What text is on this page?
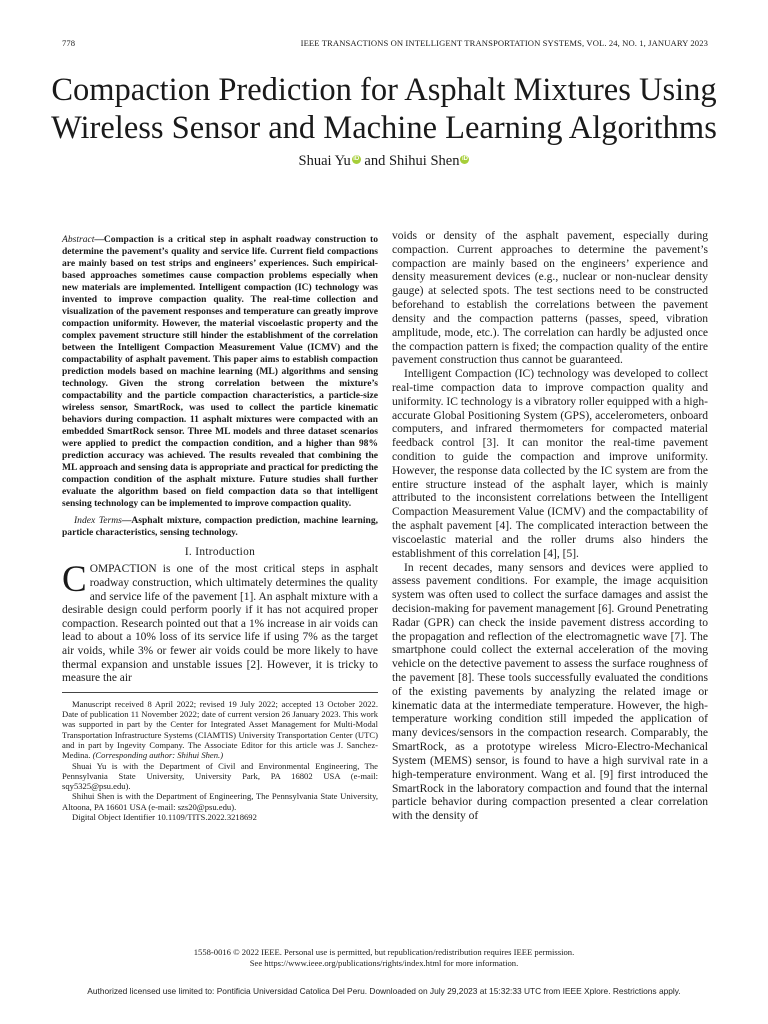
778	IEEE TRANSACTIONS ON INTELLIGENT TRANSPORTATION SYSTEMS, VOL. 24, NO. 1, JANUARY 2023
Compaction Prediction for Asphalt Mixtures Using
Wireless Sensor and Machine Learning Algorithms
Shuai Yu iD and Shihui Shen iD

Abstract—Compaction is a critical step in asphalt roadway construction to determine the pavement’s quality and service life. Current field compactions are mainly based on test strips and engineers’ experiences. Such empirical-based approaches sometimes cause compaction problems especially when new materials are implemented. Intelligent compaction (IC) technology was invented to improve compaction quality. The real-time collection and visualization of the pavement responses and temperature can greatly improve compaction uniformity. However, the material viscoelastic property and the complex pavement structure still hinder the establishment of the correlation between the Intelligent Compaction Measurement Value (ICMV) and the compactability of asphalt pavement. This paper aims to establish compaction prediction models based on machine learning (ML) algorithms and sensing technology. Given the strong correlation between the mixture’s compactability and the particle compaction characteristics, a particle-size wireless sensor, SmartRock, was used to collect the particle kinematic behaviors during compaction. 11 asphalt mixtures were compacted with an embedded SmartRock sensor. Three ML models and three dataset scenarios were applied to predict the compaction condition, and a higher than 98% prediction accuracy was achieved. The results revealed that combining the ML approach and sensing data is appropriate and practical for predicting the compaction condition of the asphalt mixture. Future studies shall further evaluate the algorithm based on field compaction data so that intelligent sensing technology can be implemented to improve compaction quality.

Index Terms—Asphalt mixture, compaction prediction, machine learning, particle characteristics, sensing technology.

I. Introduction

COMPACTION is one of the most critical steps in asphalt roadway construction, which ultimately determines the quality and service life of the pavement [1]. An asphalt mixture with a desirable design could perform poorly if it has not acquired proper compaction. Research pointed out that a 1% increase in air voids can lead to about a 10% loss of its service life if using 7% as the target air voids, while 3% or fewer air voids could be more likely to have thermal expansion and unstable issues [2]. However, it is tricky to measure the air

Manuscript received 8 April 2022; revised 19 July 2022; accepted 13 October 2022. Date of publication 11 November 2022; date of current version 26 January 2023. This work was supported in part by the Center for Integrated Asset Management for Multi-Modal Transportation Infrastructure Systems (CIAMTIS) University Transportation Center (UTC) and in part by Ingevity Company. The Associate Editor for this article was J. Sanchez-Medina. (Corresponding author: Shihui Shen.)

Shuai Yu is with the Department of Civil and Environmental Engineering, The Pennsylvania State University, University Park, PA 16802 USA (e-mail: sqy5325@psu.edu).

Shihui Shen is with the Department of Engineering, The Pennsylvania State University, Altoona, PA 16601 USA (e-mail: szs20@psu.edu).

Digital Object Identifier 10.1109/TITS.2022.3218692

voids or density of the asphalt pavement, especially during compaction. Current approaches to determine the pavement’s compaction are mainly based on the engineers’ experience and density measurement devices (e.g., nuclear or non-nuclear density gauge) at selected spots. The test sections need to be constructed beforehand to establish the correlations between the pavement density and the compaction patterns (passes, speed, vibration amplitude, mode, etc.). The correlation can hardly be adjusted once the compaction pattern is fixed; the compaction quality of the entire pavement construction thus cannot be guaranteed.

Intelligent Compaction (IC) technology was developed to collect real-time compaction data to improve compaction quality and uniformity. IC technology is a vibratory roller equipped with a high-accurate Global Positioning System (GPS), accelerometers, onboard computers, and infrared thermometers for compacted material feedback control [3]. It can monitor the real-time pavement condition to guide the compaction and improve uniformity. However, the response data collected by the IC system are from the entire structure instead of the asphalt layer, which is mainly attributed to the inconsistent correlations between the Intelligent Compaction Measurement Value (ICMV) and the compactability of the asphalt pavement [4]. The complicated interaction between the viscoelastic material and the roller drums also hinders the establishment of this correlation [4], [5].

In recent decades, many sensors and devices were applied to assess pavement conditions. For example, the image acquisition system was often used to collect the surface damages and assist the decision-making for pavement management [6]. Ground Penetrating Radar (GPR) can check the inside pavement distress according to the propagation and reflection of the electromagnetic wave [7]. The smartphone could collect the external acceleration of the moving vehicle on the detective pavement to assess the surface roughness of the pavement [8]. These tools successfully evaluated the conditions of the existing pavements by analyzing the related image or kinematic data at the intermediate temperature. However, the high-temperature working condition still impeded the application of many devices/sensors in the compaction research. Comparably, the SmartRock, as a prototype wireless Micro-Electro-Mechanical System (MEMS) sensor, is found to have a high survival rate in a high-temperature environment. Wang et al. [9] first introduced the SmartRock in the laboratory compaction and found that the internal particle behavior during compaction presented a clear correlation with the density of

1558-0016 © 2022 IEEE. Personal use is permitted, but republication/redistribution requires IEEE permission.
See https://www.ieee.org/publications/rights/index.html for more information.
Authorized licensed use limited to: Pontificia Universidad Catolica Del Peru. Downloaded on July 29,2023 at 15:32:33 UTC from IEEE Xplore. Restrictions apply.
